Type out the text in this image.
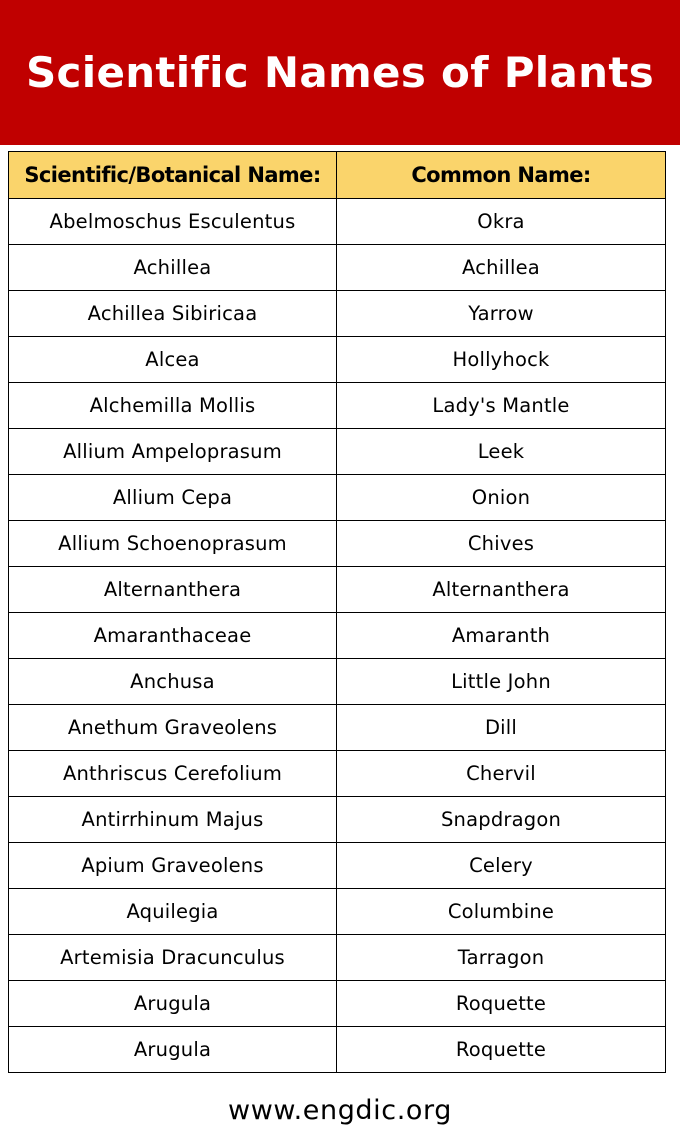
Scientific Names of Plants
Scientific/Botanical Name:	Common Name:
Abelmoschus Esculentus	Okra
Achillea	Achillea
Achillea Sibiricaa	Yarrow
Alcea	Hollyhock
Alchemilla Mollis	Lady's Mantle
Allium Ampeloprasum	Leek
Allium Cepa	Onion
Allium Schoenoprasum	Chives
Alternanthera	Alternanthera
Amaranthaceae	Amaranth
Anchusa	Little John
Anethum Graveolens	Dill
Anthriscus Cerefolium	Chervil
Antirrhinum Majus	Snapdragon
Apium Graveolens	Celery
Aquilegia	Columbine
Artemisia Dracunculus	Tarragon
Arugula	Roquette
Arugula	Roquette
www.engdic.org
